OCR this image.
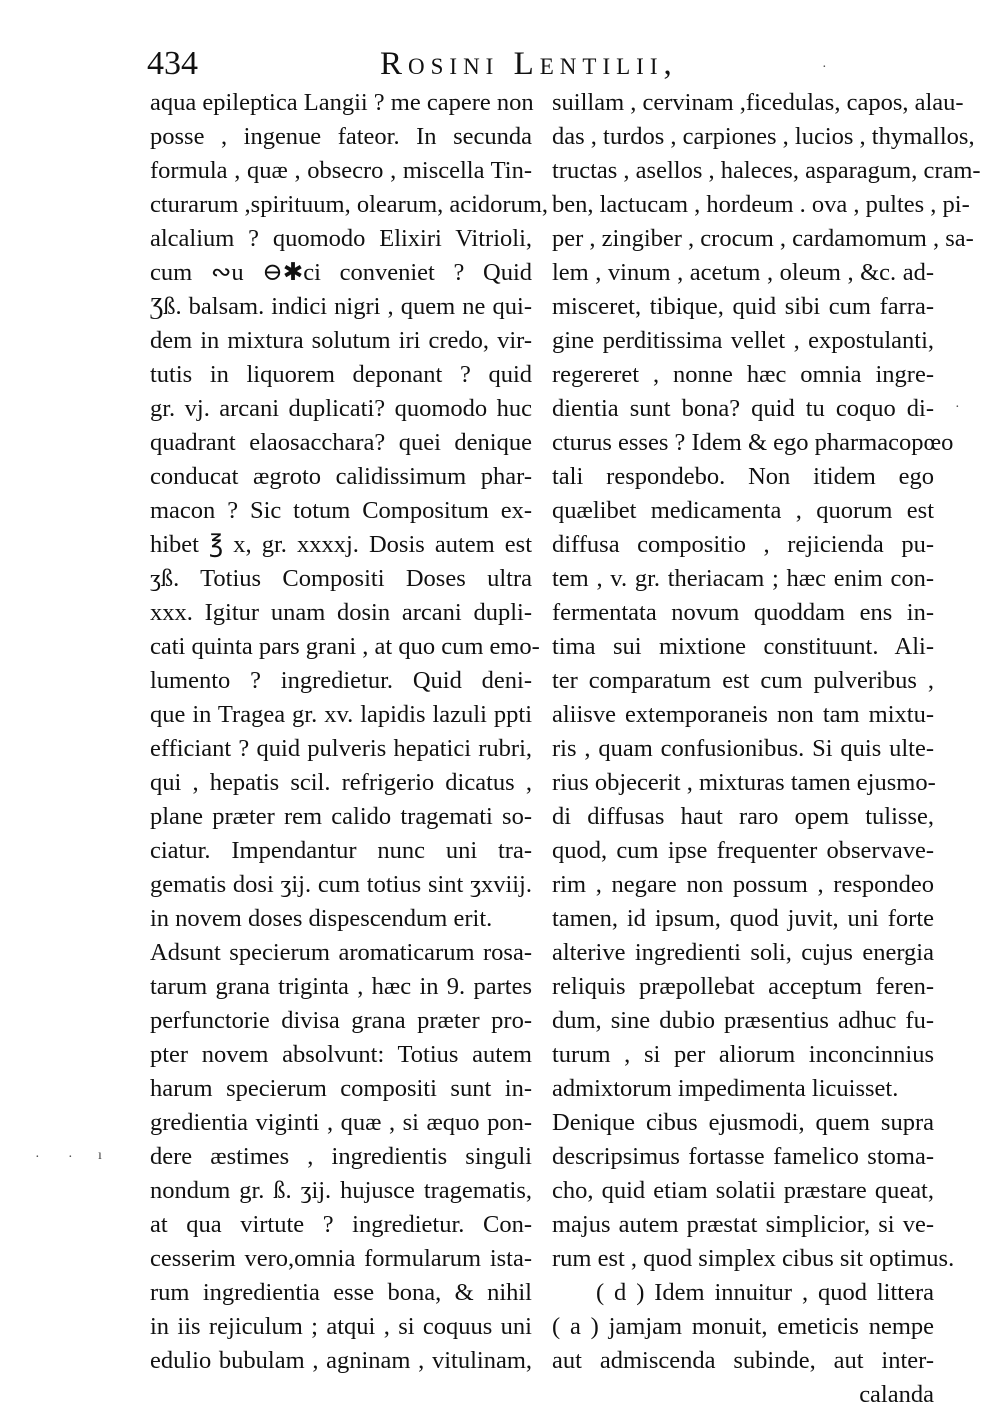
434	Rosini Lentilii,
aqua epileptica Langii ? me capere non
posse , ingenue fateor. In secunda
formula , quæ , obsecro , miscella Tin-
cturarum ,spirituum, olearum, acidorum,
alcalium ? quomodo Elixiri Vitrioli,
cum ∾u ⊖✱ci conveniet ? Quid
Ʒß. balsam. indici nigri , quem ne qui-
dem in mixtura solutum iri credo, vir-
tutis in liquorem deponant ? quid
gr. vj. arcani duplicati? quomodo huc
quadrant elaosacchara? quei denique
conducat ægroto calidissimum phar-
macon ? Sic totum Compositum ex-
hibet ℥ x, gr. xxxxj. Dosis autem est
ʒß. Totius Compositi Doses ultra
xxx. Igitur unam dosin arcani dupli-
cati quinta pars grani , at quo cum emo-
lumento ? ingredietur. Quid deni-
que in Tragea gr. xv. lapidis lazuli ppti
efficiant ? quid pulveris hepatici rubri,
qui , hepatis scil. refrigerio dicatus ,
plane præter rem calido tragemati so-
ciatur. Impendantur nunc uni tra-
gematis dosi ʒij. cum totius sint ʒxviij.
in novem doses dispescendum erit.
Adsunt specierum aromaticarum rosa-
tarum grana triginta , hæc in 9. partes
perfunctorie divisa grana præter pro-
pter novem absolvunt: Totius autem
harum specierum compositi sunt in-
gredientia viginti , quæ , si æquo pon-
dere æstimes , ingredientis singuli
nondum gr. ß. ʒij. hujusce tragematis,
at qua virtute ? ingredietur. Con-
cesserim vero,omnia formularum ista-
rum ingredientia esse bona, & nihil
in iis rejiculum ; atqui , si coquus uni
edulio bubulam , agninam , vitulinam,
suillam , cervinam ,ficedulas, capos, alau-
das , turdos , carpiones , lucios , thymallos,
tructas , asellos , haleces, asparagum, cram-
ben, lactucam , hordeum . ova , pultes , pi-
per , zingiber , crocum , cardamomum , sa-
lem , vinum , acetum , oleum , &c. ad-
misceret, tibique, quid sibi cum farra-
gine perditissima vellet , expostulanti,
regereret , nonne hæc omnia ingre-
dientia sunt bona? quid tu coquo di-
cturus esses ? Idem & ego pharmacopœo
tali respondebo. Non itidem ego
quælibet medicamenta , quorum est
diffusa compositio , rejicienda pu-
tem , v. gr. theriacam ; hæc enim con-
fermentata novum quoddam ens in-
tima sui mixtione constituunt. Ali-
ter comparatum est cum pulveribus ,
aliisve extemporaneis non tam mixtu-
ris , quam confusionibus. Si quis ulte-
rius objecerit , mixturas tamen ejusmo-
di diffusas haut raro opem tulisse,
quod, cum ipse frequenter observave-
rim , negare non possum , respondeo
tamen, id ipsum, quod juvit, uni forte
alterive ingredienti soli, cujus energia
reliquis præpollebat acceptum feren-
dum, sine dubio præsentius adhuc fu-
turum , si per aliorum inconcinnius
admixtorum impedimenta licuisset.
Denique cibus ejusmodi, quem supra
descripsimus fortasse famelico stoma-
cho, quid etiam solatii præstare queat,
majus autem præstat simplicior, si ve-
rum est , quod simplex cibus sit optimus.
( d ) Idem innuitur , quod littera
( a ) jamjam monuit, emeticis nempe
aut admiscenda subinde, aut inter-
calanda
·
·
· · ı
